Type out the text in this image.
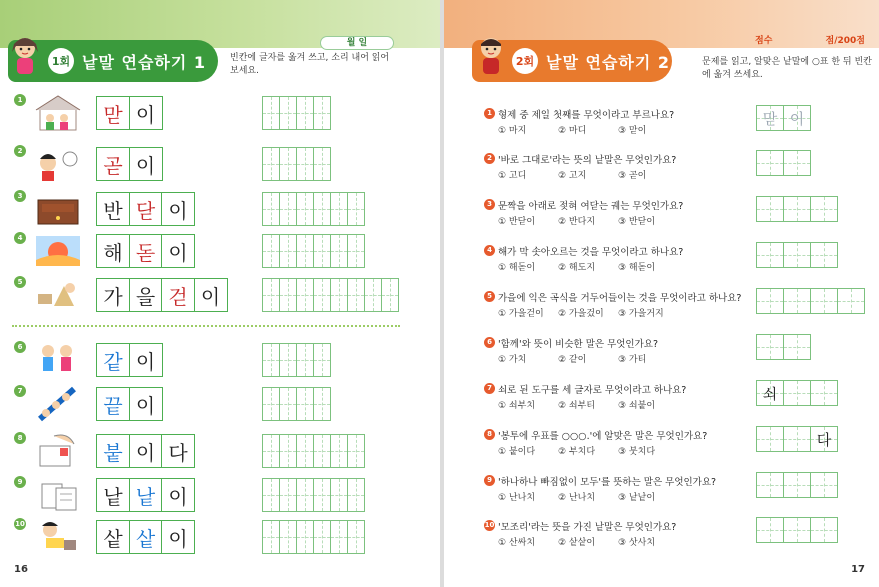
1회 낱말 연습하기 1
월 일
빈칸에 글자를 옮겨 쓰고, 소리 내어 읽어 보세요.
1
맏 이
2
곧 이
3
반 닫 이
4
해 돋 이
5
가 을 걷 이
6
같 이
7
끝 이
8
붙 이 다
9
낱 낱 이
10
샅 샅 이
16
2회 낱말 연습하기 2
점수	점/200점
문제를 읽고, 알맞은 낱말에 ○표 한 뒤 빈칸에 옮겨 쓰세요.
1 형제 중 제일 첫째를 무엇이라고 부르나요?
① 마지	② 마디	③ 맏이
맏 이
2 '바로 그대로'라는 뜻의 낱말은 무엇인가요?
① 고디	② 고지	③ 곧이
3 문짝을 아래로 젖혀 여닫는 궤는 무엇인가요?
① 반닫이	② 반다지	③ 반닫이
4 해가 막 솟아오르는 것을 무엇이라고 하나요?
① 해돋이	② 해도지	③ 해돋이
5 가을에 익은 곡식을 거두어들이는 것을 무엇이라고 하나요?
① 가을걷이	② 가을겄이	③ 가을거지
6 '함께'와 뜻이 비슷한 말은 무엇인가요?
① 가치	② 같이	③ 가티
7 쇠로 된 도구를 세 글자로 무엇이라고 하나요?
① 쇠부치	② 쇠부티	③ 쇠붙이
쇠
8 '봉투에 우표를 ○○○.'에 알맞은 말은 무엇인가요?
① 붙이다	② 부치다	③ 붓치다
다
9 '하나하나 빠짐없이 모두'를 뜻하는 말은 무엇인가요?
① 난나치	② 난나치	③ 낱낱이
10 '모조리'라는 뜻을 가진 낱말은 무엇인가요?
① 산싸치	② 샅샅이	③ 삿사치
17
